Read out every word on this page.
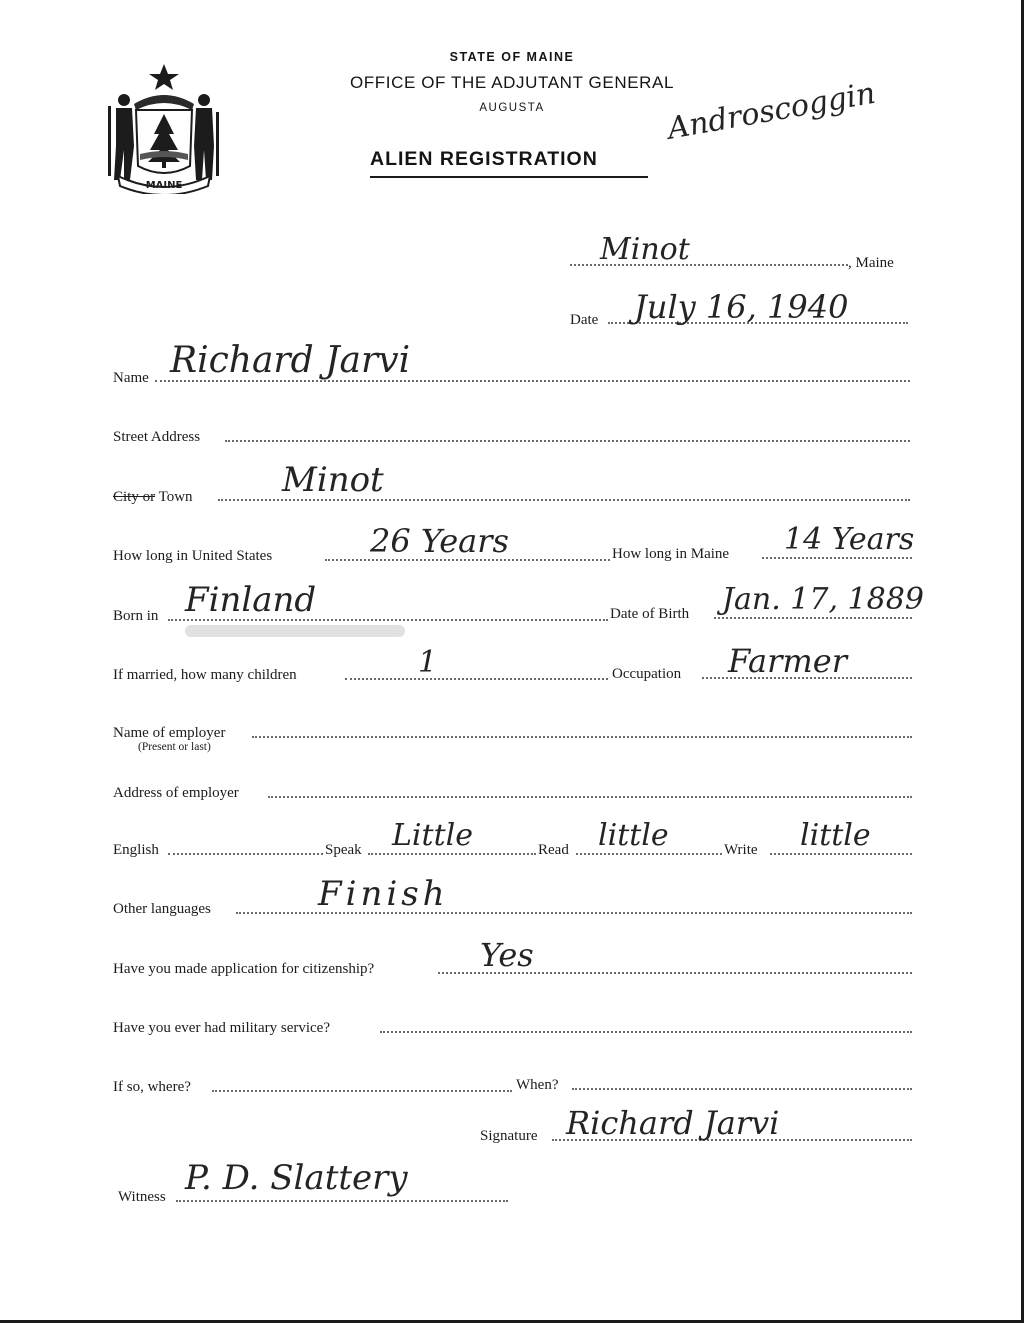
MAINE
STATE OF MAINE
OFFICE OF THE ADJUTANT GENERAL
AUGUSTA
ALIEN REGISTRATION
Androscoggin
Minot	, Maine
Date July 16, 1940
Name Richard Jarvi
Street Address
City or Town	Minot
How long in United States	26 Years	How long in Maine 14 Years
Born in Finland	Date of Birth Jan. 17, 1889
If married, how many children	1	Occupation Farmer
Name of employer
(Present or last)
Address of employer
English	Speak Little	Read little	Write little
Other languages	Finish
Have you made application for citizenship?	Yes
Have you ever had military service?
If so, where?	When?
Signature Richard Jarvi
Witness P. D. Slattery
